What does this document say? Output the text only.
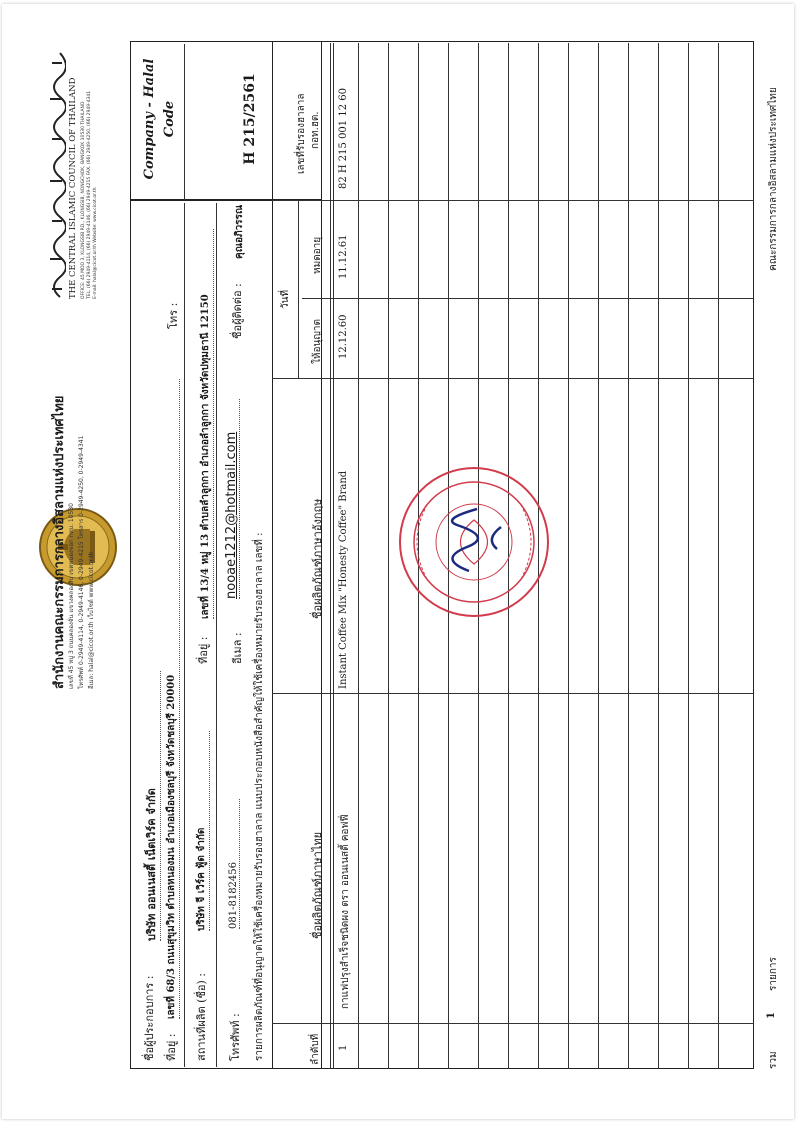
สำนักงานคณะกรรมการกลางอิสลามแห่งประเทศไทย เลขที่ 45 หมู่ 3 ถนนคลองจั่น แขวงคลองสิบ เขตหนองจอก กทม. 10530 โทรศัพท์ 0-2949-4114, 0-2949-4146, 0-2949-4215 โทรสาร 0-2949-4250, 0-2949-4341 อีเมล: halal@cicot.or.th เว็บไซต์ www.cicot.or.th
THE CENTRAL ISLAMIC COUNCIL OF THAILAND OFFICE: 45 MOO 3, KLONGSIB RD., KLONGSIB, NONGCHOK, BANGKOK 10530 THAILAND TEL. (66) 2949-4114, (66) 2949-4146, (66) 2949-4215 FAX. (66) 2949-4250, (66) 2949-4341 E-mail: halal@cicot.or.th Website: www.cicot.or.th
ชื่อผู้ประกอบการ :
บริษัท ออนเนสตี้ เน็ตเวิร์ค จำกัด
ที่อยู่ :
เลขที่ 68/3 ถนนสุขุมวิท ตำบลหนองมน อำเภอเมืองชลบุรี จังหวัดชลบุรี 20000
โทร :
สถานที่ผลิต (ชื่อ) :
บริษัท จี เวิร์ค ฟู้ด จำกัด
ที่อยู่ :
เลขที่ 13/4 หมู่ 13 ตำบลลำลูกกา อำเภอลำลูกกา จังหวัดปทุมธานี 12150
โทรศัพท์ :
081-8182456
อีเมล :
nooae1212@hotmail.com
ชื่อผู้ติดต่อ :
คุณอภิวรรณ
รายการผลิตภัณฑ์ที่อนุญาตให้ใช้เครื่องหมายรับรองฮาลาล แนบประกอบหนังสือสำคัญให้ใช้เครื่องหมายรับรองฮาลาล เลขที่ :
Company - Halal Code	H 215/2561
ลำดับที่
ชื่อผลิตภัณฑ์ภาษาไทย
ชื่อผลิตภัณฑ์ภาษาอังกฤษ
วันที่
ให้อนุญาต
หมดอายุ
เลขที่รับรองฮาลาล กอท.ฮต.
1
กาแฟปรุงสำเร็จชนิดผง ตรา ออนเนสตี้ คอฟฟี่
Instant Coffee Mix "Honesty Coffee" Brand
12.12.60
11.12.61
82 H 215 001 12 60
รวม
1
รายการ
คณะกรรมการกลางอิสลามแห่งประเทศไทย
